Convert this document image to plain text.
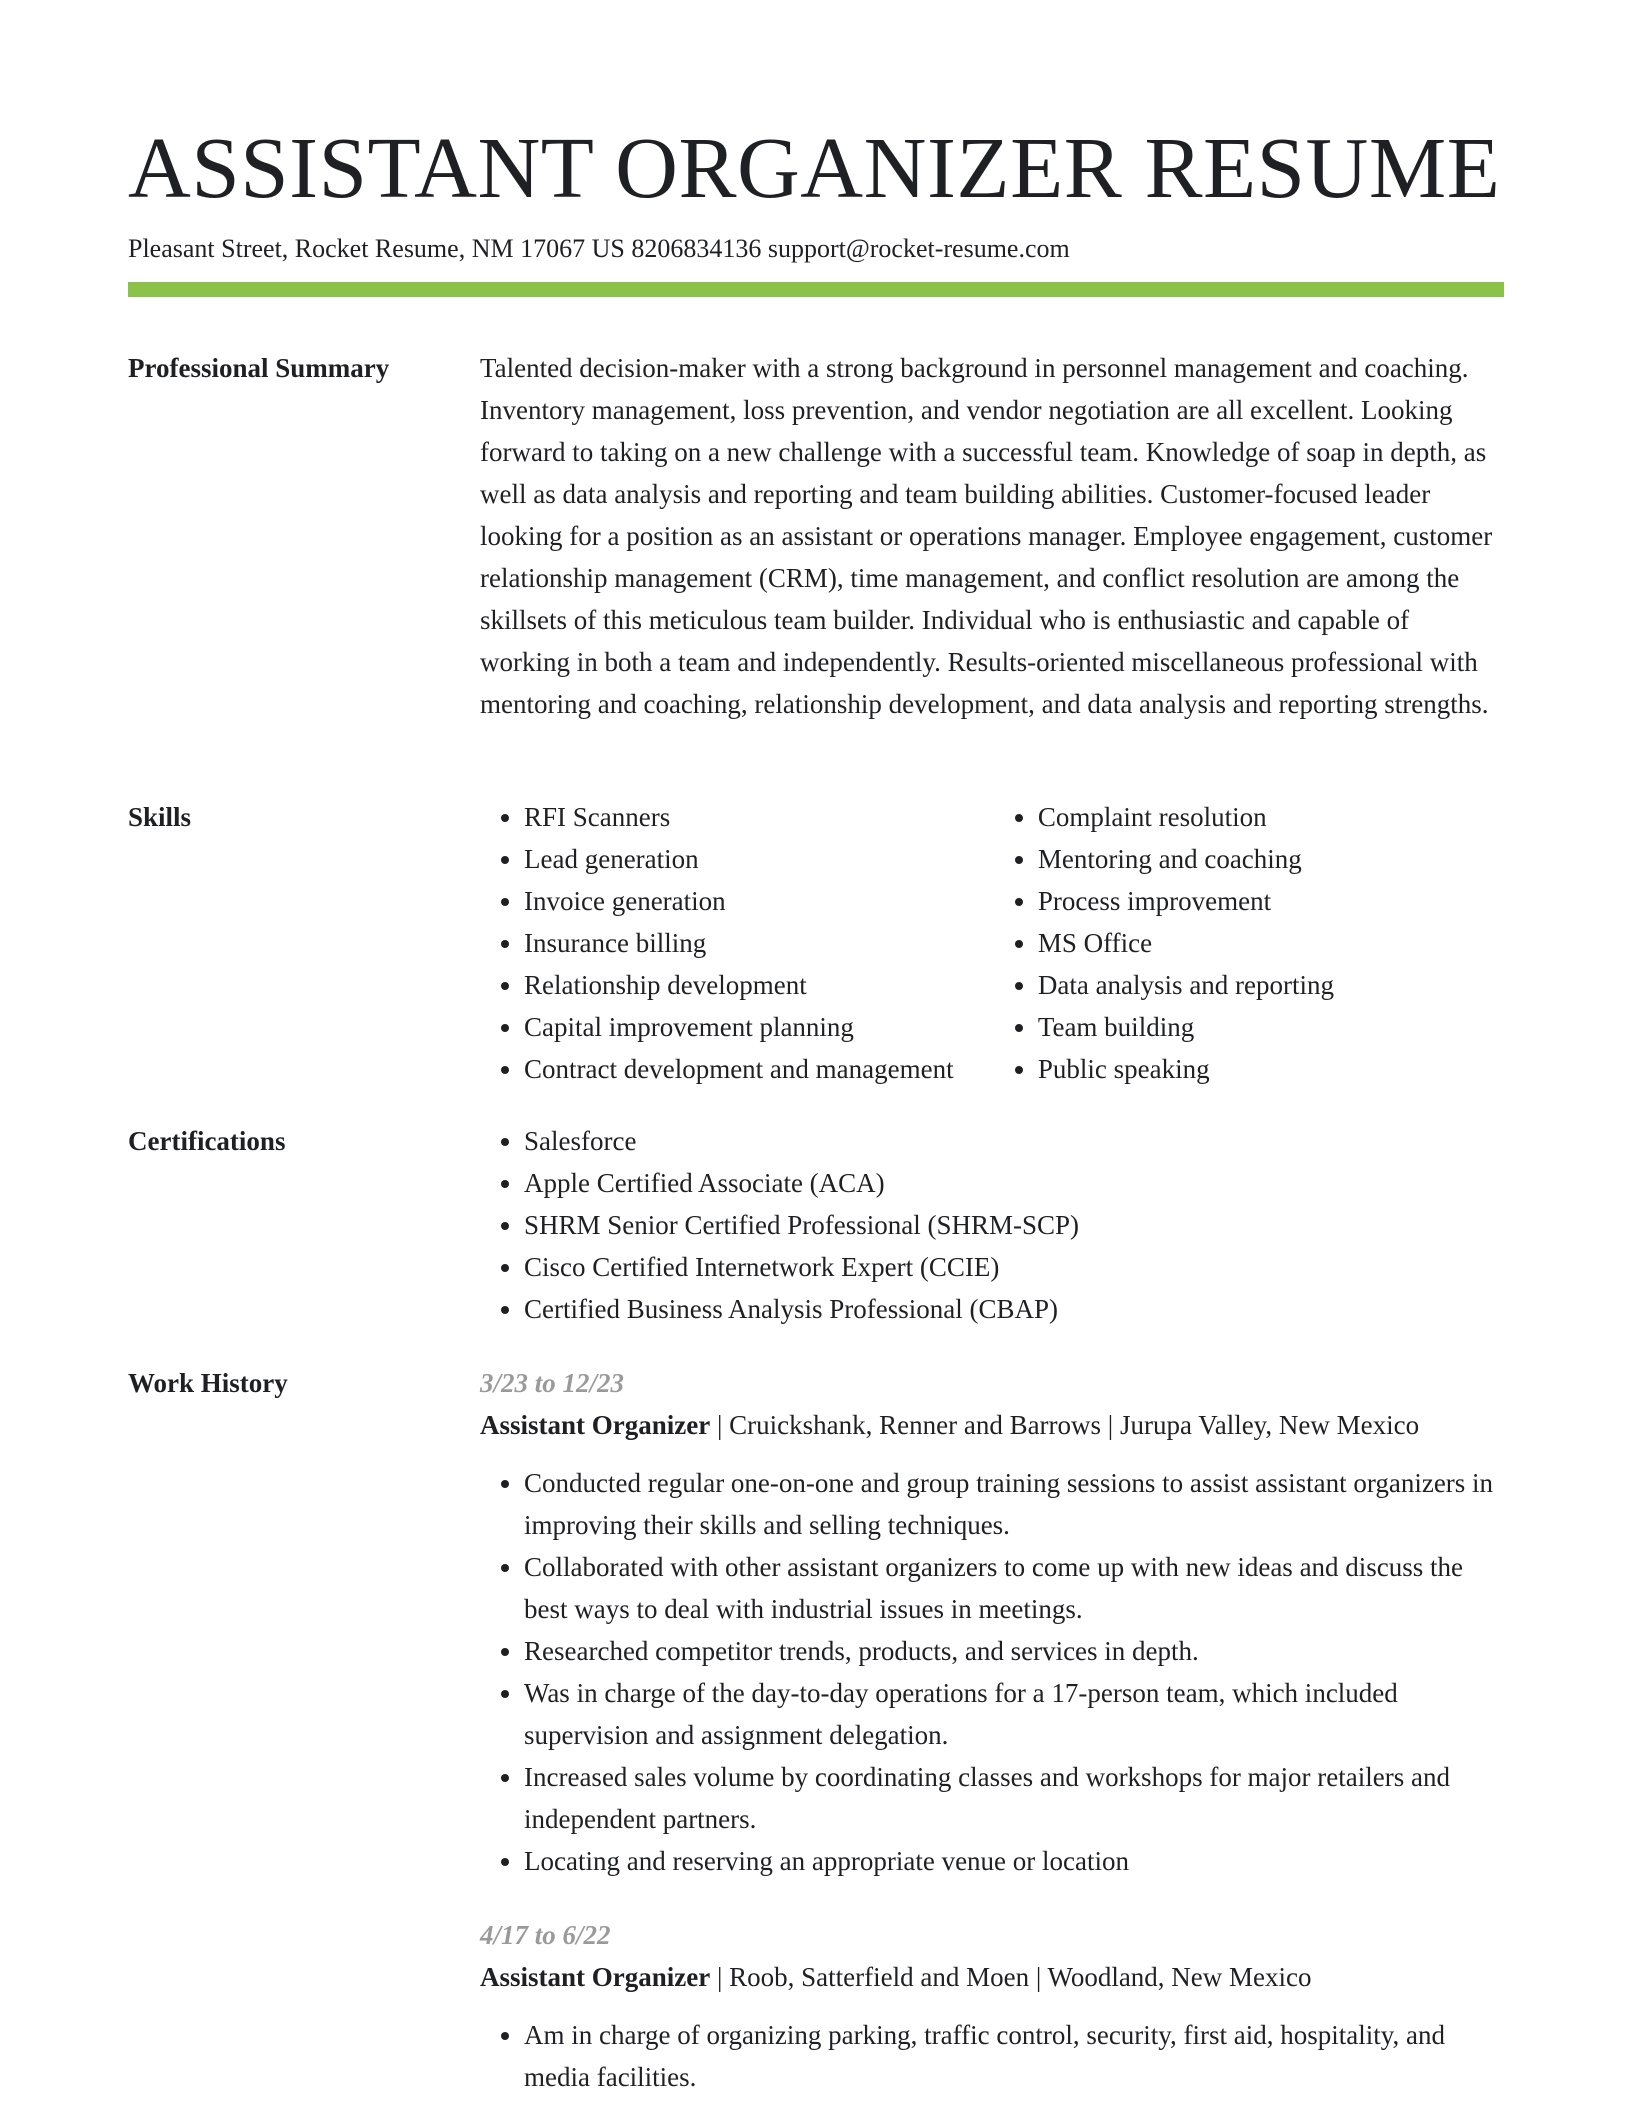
ASSISTANT ORGANIZER RESUME
Pleasant Street, Rocket Resume, NM 17067 US 8206834136 support@rocket-resume.com
Professional Summary	Talented decision-maker with a strong background in personnel management and coaching. Inventory management, loss prevention, and vendor negotiation are all excellent. Looking forward to taking on a new challenge with a successful team. Knowledge of soap in depth, as well as data analysis and reporting and team building abilities. Customer-focused leader looking for a position as an assistant or operations manager. Employee engagement, customer relationship management (CRM), time management, and conflict resolution are among the skillsets of this meticulous team builder. Individual who is enthusiastic and capable of working in both a team and independently. Results-oriented miscellaneous professional with mentoring and coaching, relationship development, and data analysis and reporting strengths.

Skills	• RFI Scanners
• Lead generation
• Invoice generation
• Insurance billing
• Relationship development
• Capital improvement planning
• Contract development and management
• Complaint resolution
• Mentoring and coaching
• Process improvement
• MS Office
• Data analysis and reporting
• Team building
• Public speaking
Certifications	• Salesforce
• Apple Certified Associate (ACA)
• SHRM Senior Certified Professional (SHRM-SCP)
• Cisco Certified Internetwork Expert (CCIE)
• Certified Business Analysis Professional (CBAP)
Work History	3/23 to 12/23
Assistant Organizer | Cruickshank, Renner and Barrows | Jurupa Valley, New Mexico
• Conducted regular one-on-one and group training sessions to assist assistant organizers in improving their skills and selling techniques.
• Collaborated with other assistant organizers to come up with new ideas and discuss the best ways to deal with industrial issues in meetings.
• Researched competitor trends, products, and services in depth.
• Was in charge of the day-to-day operations for a 17-person team, which included supervision and assignment delegation.
• Increased sales volume by coordinating classes and workshops for major retailers and independent partners.
• Locating and reserving an appropriate venue or location
4/17 to 6/22
Assistant Organizer | Roob, Satterfield and Moen | Woodland, New Mexico
• Am in charge of organizing parking, traffic control, security, first aid, hospitality, and media facilities.
